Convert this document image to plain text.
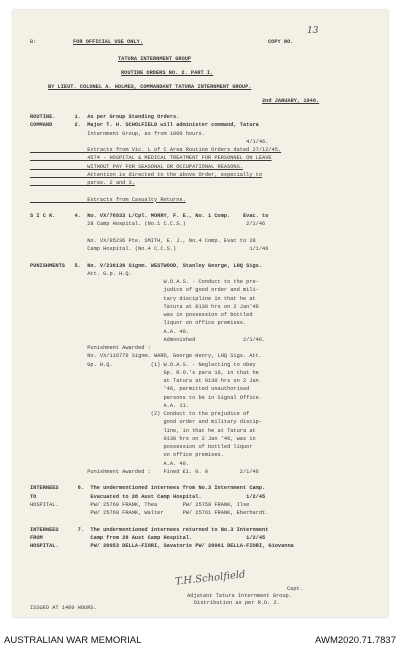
B:	FOR OFFICIAL USE ONLY.	COPY NO.
13
TATURA INTERNMENT GROUP
ROUTINE ORDERS NO. 2. PART I.
BY LIEUT. COLONEL A. HOLMES, COMMANDANT TATURA INTERNMENT GROUP.
2nd JANUARY, 1946.
ROUTINE.      1.  As per Group Standing Orders.
COMMAND       2.  Major T. H. SCHOLFIELD will administer command, Tatura
Internment Group, as from 1000 hours.
4/1/46.
Extracts from Vic. L of C Area Routine Orders dated 27/12/45.
4574 - HOSPITAL & MEDICAL TREATMENT FOR PERSONNEL ON LEAVE
WITHOUT PAY FOR SEASONAL OR OCCUPATIONAL REASONS.
Attention is directed to the above Order, especially to
paras. 2 and 3.
Extracts from Casualty Returns.
S I C K.      4.  No. VX/76933 L/Cpl. MORRY, F. E., No. 1 Comp.    Evac. to
28 Camp Hospital. (No.1 C.C.S.)                   2/1/46
No. VX/85236 Pte. SMITH, E. J., No.4 Comp. Evac to 28
Camp Hospital. (No.4 C.C.S.)                       1/1/46
PUNISHMENTS   5.  No. V/236136 Signm. WESTWOOD, Stanley George, LHQ Sigs.
Att. G.p. H.Q.
W.O.A.S. - Conduct to the pre-
judice of good order and mili-
tary discipline in that he at
Tatura at 0130 hrs on 2 Jan'46
was in possession of bottled
liquor on office premises.
A.A. 40.
Admonished               2/1/46.
Punishment Awarded :
No. VX/116776 Signm. WARD, George Henry, LHQ Sigs. Att.
Gp. H.Q.            (1) W.O.A.S. - Neglecting to obey
Gp. R.O.'s para 16, in that he
at Tatura at 0130 hrs on 2 Jan
'46, permitted unauthorised
persons to be in Signal Office.
A.A. 11.
(2) Conduct to the prejudice of
good order and military discip-
line, in that he at Tatura at
0130 hrs on 2 Jan '46, was in
possession of bottled liquor
on office premises.
A.A. 40.
Punishment Awarded :    Fined £1. 0. 0          2/1/46
INTERNEES      6.  The undermentioned internees from No.3 Internment Camp.
TO                 Evacuated to 28 Aust Camp Hospital.              1/2/45
HOSPITAL.          PW/ 25760 FRANK, Thea        PW/ 25759 FRANK, Ilse
PW/ 25760 FRANK, Walter      PW/ 25761 FRANK, Eberhardt.
INTERNEES      7.  The undermentioned internees returned to No.3 Internment
FROM               Camp from 28 Aust Camp Hospital.                 1/2/45
HOSPITAL.          PW/ 20053 DELLA-FIORI, Savatorie PW/ 20061 DELLA-FIORI, Giovanna
T.H.Scholfield
Capt.
Adjutant Tatura Internment Group.
Distribution as per R.O. 2.
ISSUED AT 1400 HOURS.
AUSTRALIAN WAR MEMORIAL	AWM2020.71.7837
